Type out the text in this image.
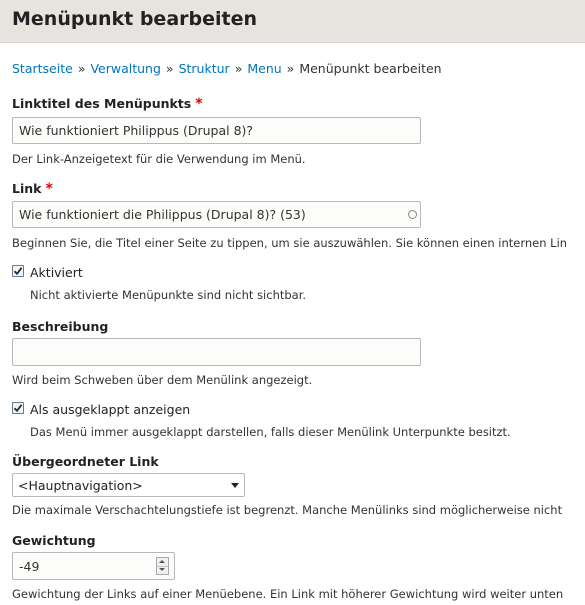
Menüpunkt bearbeiten
Startseite » Verwaltung » Struktur » Menu » Menüpunkt bearbeiten
Linktitel des Menüpunkts *
Wie funktioniert Philippus (Drupal 8)?
Der Link-Anzeigetext für die Verwendung im Menü.
Link *
Wie funktioniert die Philippus (Drupal 8)? (53)
Beginnen Sie, die Titel einer Seite zu tippen, um sie auszuwählen. Sie können einen internen Lin
Aktiviert
Nicht aktivierte Menüpunkte sind nicht sichtbar.
Beschreibung
Wird beim Schweben über dem Menülink angezeigt.
Als ausgeklappt anzeigen
Das Menü immer ausgeklappt darstellen, falls dieser Menülink Unterpunkte besitzt.
Übergeordneter Link
<Hauptnavigation>
Die maximale Verschachtelungstiefe ist begrenzt. Manche Menülinks sind möglicherweise nicht
Gewichtung
-49
Gewichtung der Links auf einer Menüebene. Ein Link mit höherer Gewichtung wird weiter unten
